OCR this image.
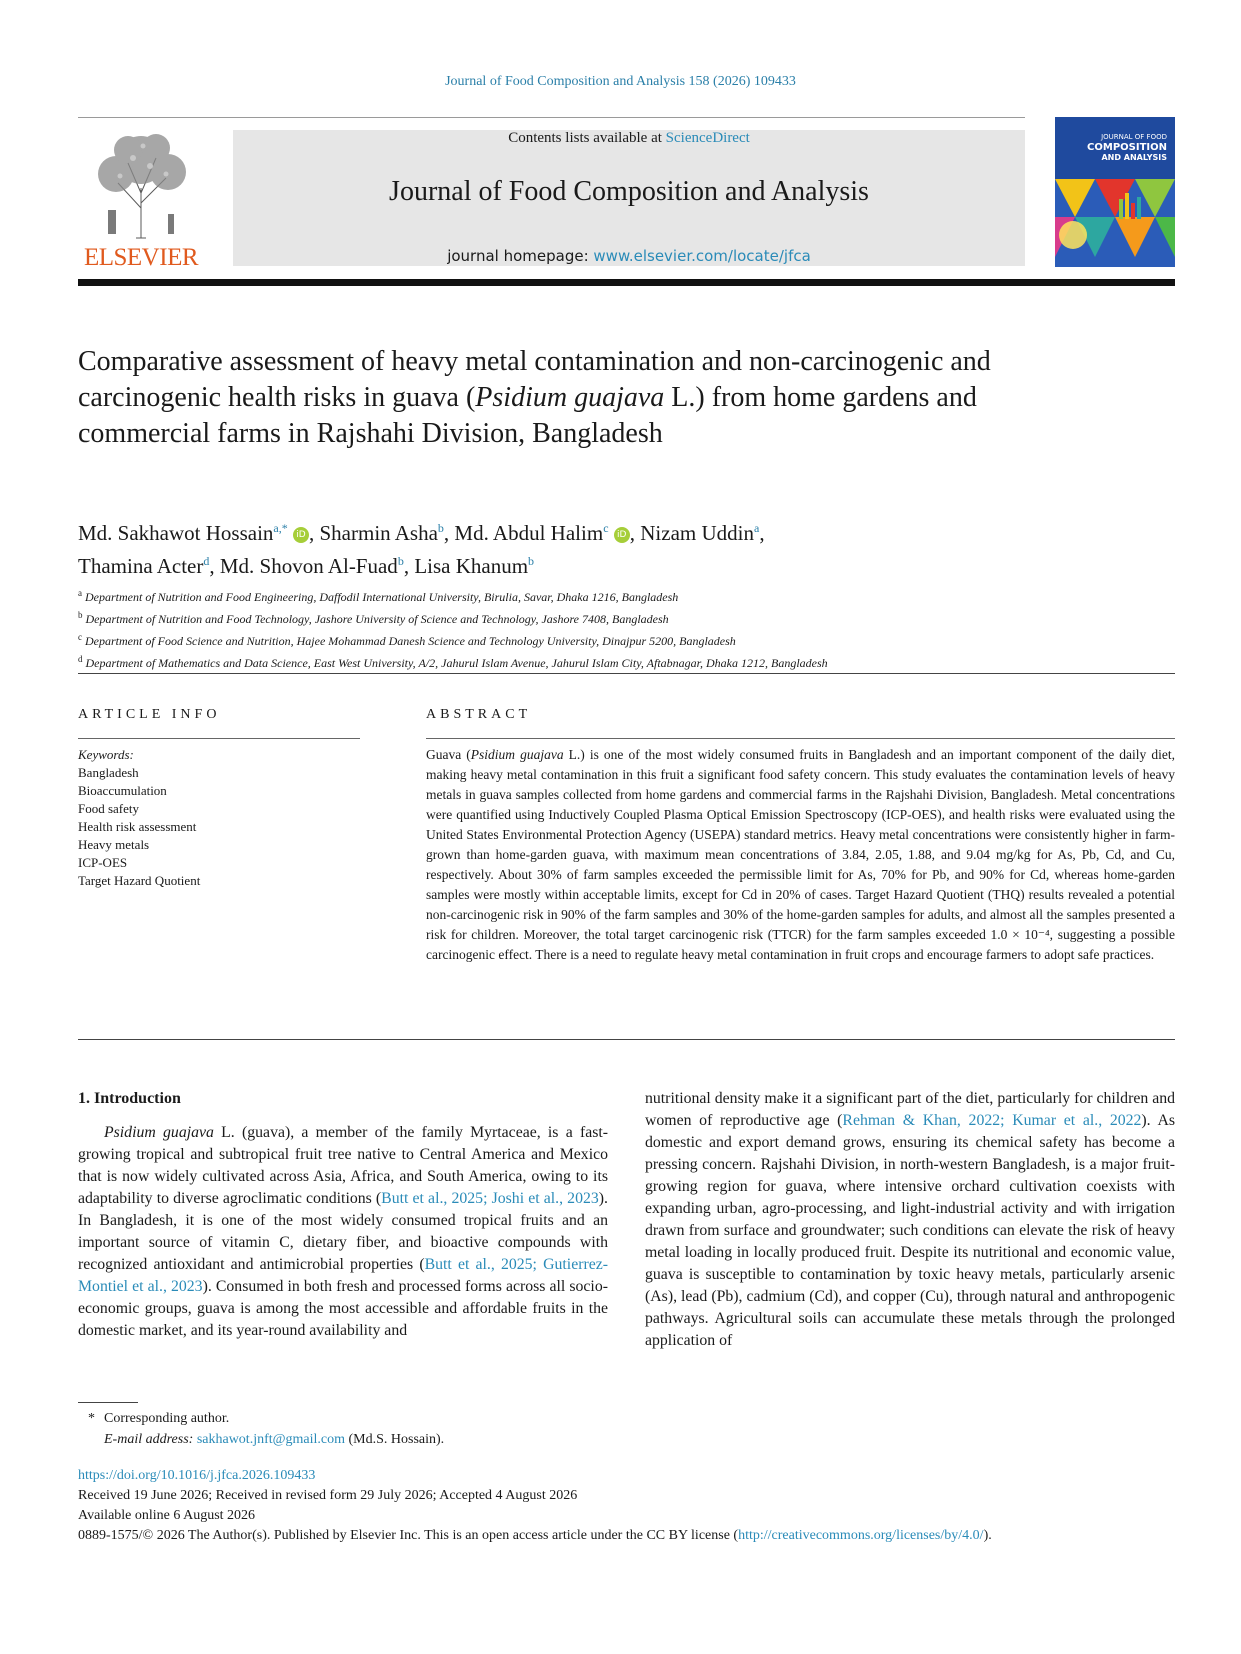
Journal of Food Composition and Analysis 158 (2026) 109433
ELSEVIER
Contents lists available at ScienceDirect
Journal of Food Composition and Analysis
journal homepage: www.elsevier.com/locate/jfca
JOURNAL OF FOOD
COMPOSITION
AND ANALYSIS
Comparative assessment of heavy metal contamination and non-carcinogenic and carcinogenic health risks in guava (Psidium guajava L.) from home gardens and commercial farms in Rajshahi Division, Bangladesh
Md. Sakhawot Hossain$^{a,*}$ iD , Sharmin Asha$^b$, Md. Abdul Halim$^c$ iD , Nizam Uddin$^a$,
Thamina Acter$^d$, Md. Shovon Al-Fuad$^b$, Lisa Khanum$^b$
$^a$ Department of Nutrition and Food Engineering, Daffodil International University, Birulia, Savar, Dhaka 1216, Bangladesh
$^b$ Department of Nutrition and Food Technology, Jashore University of Science and Technology, Jashore 7408, Bangladesh
$^c$ Department of Food Science and Nutrition, Hajee Mohammad Danesh Science and Technology University, Dinajpur 5200, Bangladesh
$^d$ Department of Mathematics and Data Science, East West University, A/2, Jahurul Islam Avenue, Jahurul Islam City, Aftabnagar, Dhaka 1212, Bangladesh
ARTICLE INFO	ABSTRACT
Keywords:
Bangladesh
Bioaccumulation
Food safety
Health risk assessment
Heavy metals
ICP-OES
Target Hazard Quotient
Guava (Psidium guajava L.) is one of the most widely consumed fruits in Bangladesh and an important component of the daily diet, making heavy metal contamination in this fruit a significant food safety concern. This study evaluates the contamination levels of heavy metals in guava samples collected from home gardens and commercial farms in the Rajshahi Division, Bangladesh. Metal concentrations were quantified using Inductively Coupled Plasma Optical Emission Spectroscopy (ICP-OES), and health risks were evaluated using the United States Environmental Protection Agency (USEPA) standard metrics. Heavy metal concentrations were consistently higher in farm-grown than home-garden guava, with maximum mean concentrations of 3.84, 2.05, 1.88, and 9.04 mg/kg for As, Pb, Cd, and Cu, respectively. About 30% of farm samples exceeded the permissible limit for As, 70% for Pb, and 90% for Cd, whereas home-garden samples were mostly within acceptable limits, except for Cd in 20% of cases. Target Hazard Quotient (THQ) results revealed a potential non-carcinogenic risk in 90% of the farm samples and 30% of the home-garden samples for adults, and almost all the samples presented a risk for children. Moreover, the total target carcinogenic risk (TTCR) for the farm samples exceeded 1.0 × 10⁻⁴, suggesting a possible carcinogenic effect. There is a need to regulate heavy metal contamination in fruit crops and encourage farmers to adopt safe practices.
1. Introduction

Psidium guajava L. (guava), a member of the family Myrtaceae, is a fast-growing tropical and subtropical fruit tree native to Central America and Mexico that is now widely cultivated across Asia, Africa, and South America, owing to its adaptability to diverse agroclimatic conditions (Butt et al., 2025; Joshi et al., 2023). In Bangladesh, it is one of the most widely consumed tropical fruits and an important source of vitamin C, dietary fiber, and bioactive compounds with recognized antioxidant and antimicrobial properties (Butt et al., 2025; Gutierrez-Montiel et al., 2023). Consumed in both fresh and processed forms across all socio-economic groups, guava is among the most accessible and affordable fruits in the domestic market, and its year-round availability and

nutritional density make it a significant part of the diet, particularly for children and women of reproductive age (Rehman & Khan, 2022; Kumar et al., 2022). As domestic and export demand grows, ensuring its chemical safety has become a pressing concern. Rajshahi Division, in north-western Bangladesh, is a major fruit-growing region for guava, where intensive orchard cultivation coexists with expanding urban, agro-processing, and light-industrial activity and with irrigation drawn from surface and groundwater; such conditions can elevate the risk of heavy metal loading in locally produced fruit. Despite its nutritional and economic value, guava is susceptible to contamination by toxic heavy metals, particularly arsenic (As), lead (Pb), cadmium (Cd), and copper (Cu), through natural and anthropogenic pathways. Agricultural soils can accumulate these metals through the prolonged application of

* Corresponding author.
E-mail address: sakhawot.jnft@gmail.com (Md.S. Hossain).
https://doi.org/10.1016/j.jfca.2026.109433
Received 19 June 2026; Received in revised form 29 July 2026; Accepted 4 August 2026
Available online 6 August 2026
0889-1575/© 2026 The Author(s). Published by Elsevier Inc. This is an open access article under the CC BY license (http://creativecommons.org/licenses/by/4.0/).
